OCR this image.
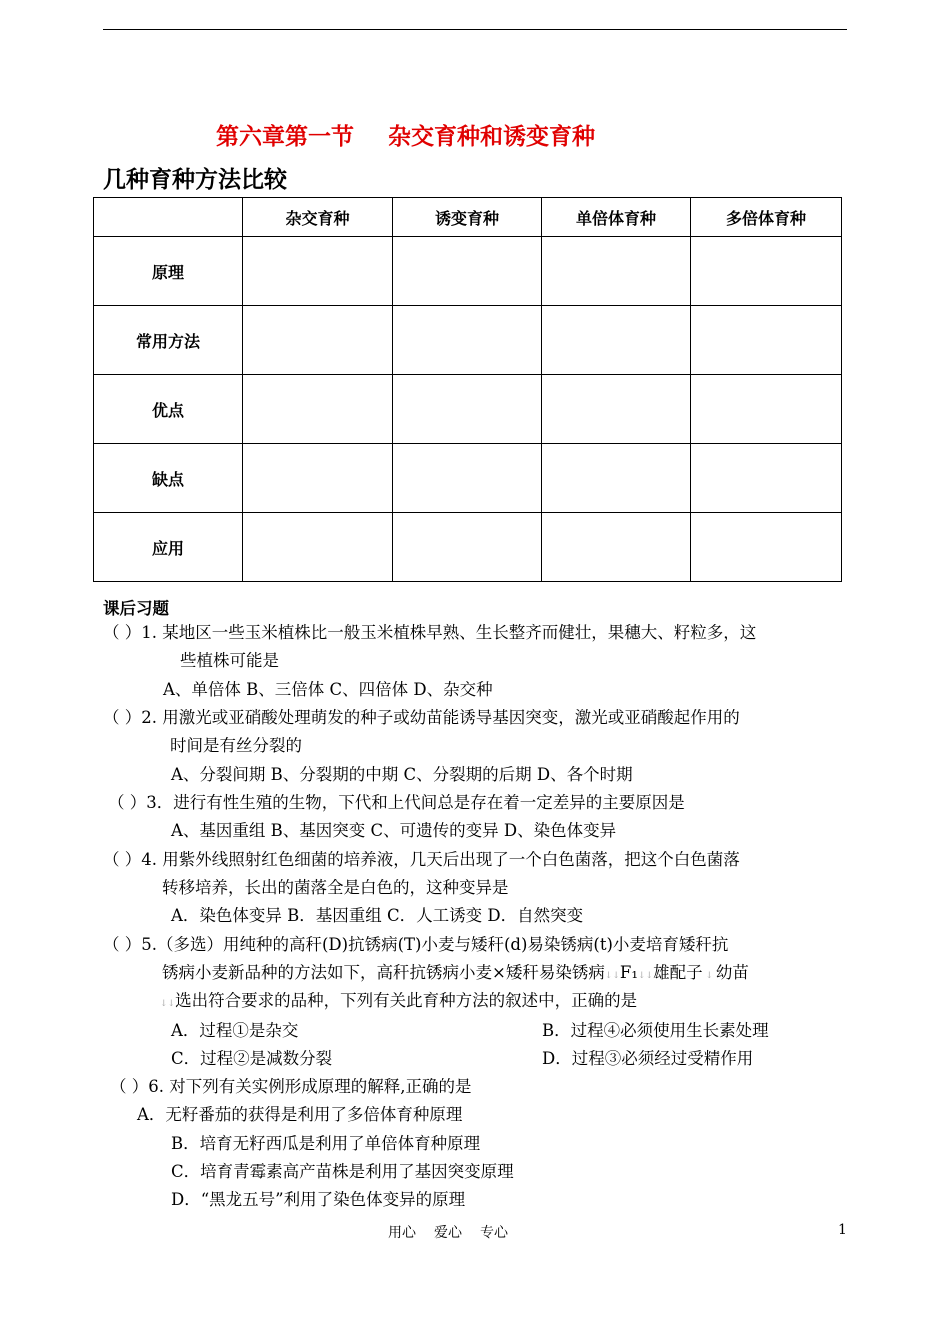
第六章第一节 杂交育种和诱变育种
几种育种方法比较
	杂交育种	诱变育种	单倍体育种	多倍体育种
原理				
常用方法				
优点				
缺点				
应用				
课后习题
（ ）1. 某地区一些玉米植株比一般玉米植株早熟、生长整齐而健壮，果穗大、籽粒多，这
些植株可能是
A、单倍体 B、三倍体 C、四倍体 D、杂交种
（ ）2. 用激光或亚硝酸处理萌发的种子或幼苗能诱导基因突变，激光或亚硝酸起作用的
时间是有丝分裂的
A、分裂间期 B、分裂期的中期 C、分裂期的后期 D、各个时期
（ ）3．进行有性生殖的生物，下代和上代间总是存在着一定差异的主要原因是
A、基因重组 B、基因突变 C、可遗传的变异 D、染色体变异
（ ）4. 用紫外线照射红色细菌的培养液，几天后出现了一个白色菌落，把这个白色菌落
转移培养，长出的菌落全是白色的，这种变异是
A．染色体变异 B．基因重组 C．人工诱变 D．自然突变
（ ）5.（多选）用纯种的高秆(D)抗锈病(T)小麦与矮秆(d)易染锈病(t)小麦培育矮秆抗
锈病小麦新品种的方法如下，高秆抗锈病小麦×矮秆易染锈病↓↓F₁↓↓雄配子 ↓ 幼苗
↓↓选出符合要求的品种，下列有关此育种方法的叙述中，正确的是
A．过程①是杂交	B．过程④必须使用生长素处理
C．过程②是减数分裂	D．过程③必须经过受精作用
（ ）6. 对下列有关实例形成原理的解释,正确的是
A．无籽番茄的获得是利用了多倍体育种原理
B．培育无籽西瓜是利用了单倍体育种原理
C．培育青霉素高产苗株是利用了基因突变原理
D．“黑龙五号”利用了染色体变异的原理
用心 爱心 专心	1
